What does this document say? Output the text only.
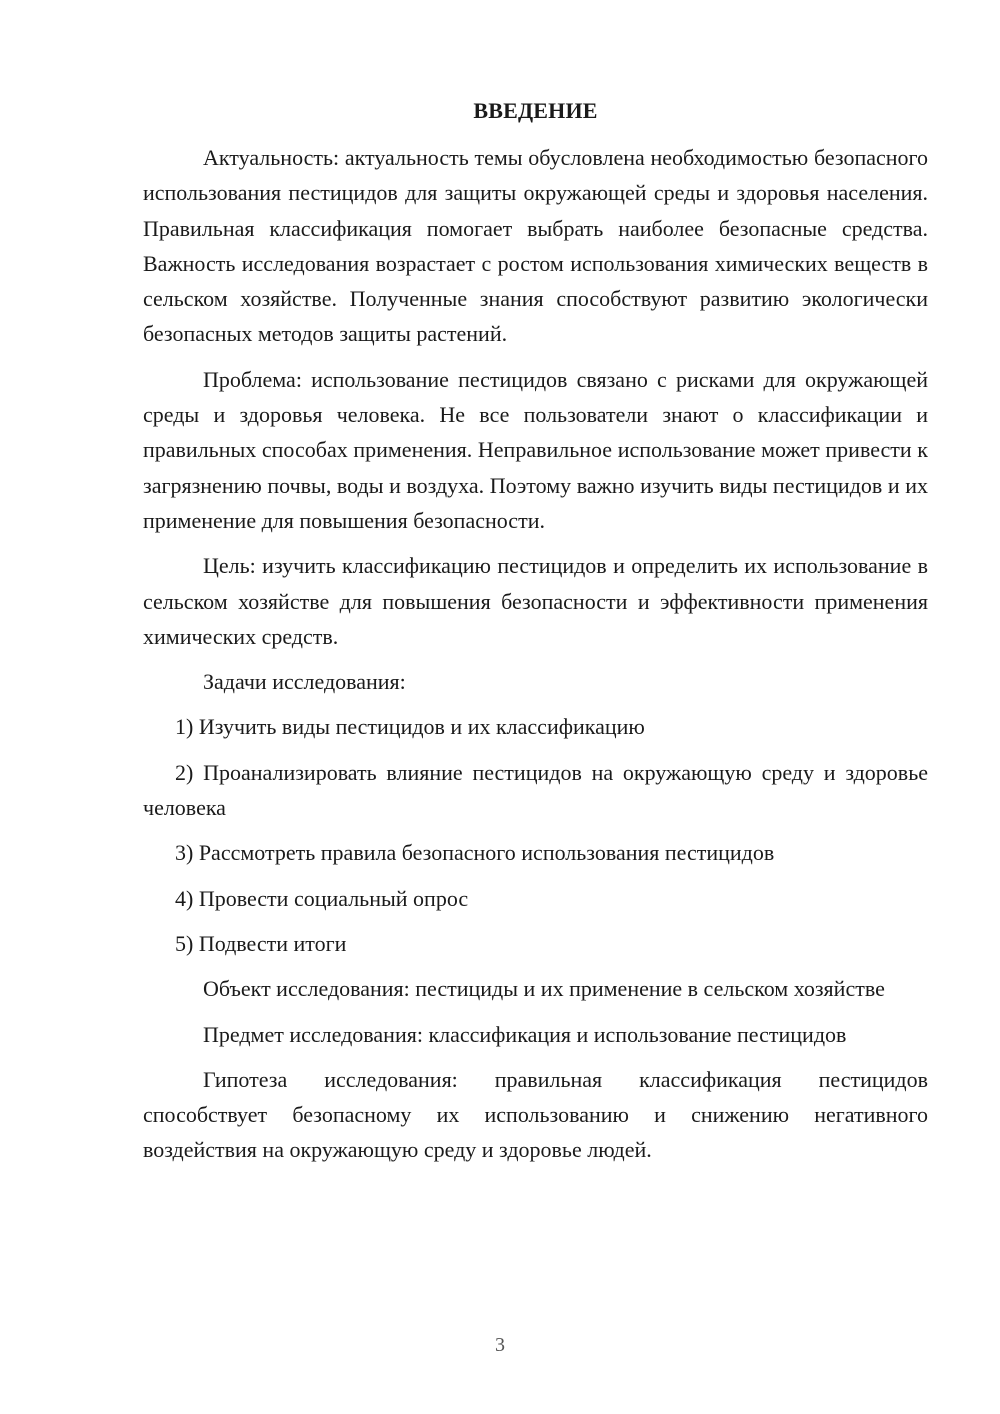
ВВЕДЕНИЕ

Актуальность: актуальность темы обусловлена необходимостью безопасного использования пестицидов для защиты окружающей среды и здоровья населения. Правильная классификация помогает выбрать наиболее безопасные средства. Важность исследования возрастает с ростом использования химических веществ в сельском хозяйстве. Полученные знания способствуют развитию экологически безопасных методов защиты растений.

Проблема: использование пестицидов связано с рисками для окружающей среды и здоровья человека. Не все пользователи знают о классификации и правильных способах применения. Неправильное использование может привести к загрязнению почвы, воды и воздуха. Поэтому важно изучить виды пестицидов и их применение для повышения безопасности.

Цель: изучить классификацию пестицидов и определить их использование в сельском хозяйстве для повышения безопасности и эффективности применения химических средств.

Задачи исследования:

1) Изучить виды пестицидов и их классификацию

2) Проанализировать влияние пестицидов на окружающую среду и здоровье человека

3) Рассмотреть правила безопасного использования пестицидов

4) Провести социальный опрос

5) Подвести итоги

Объект исследования: пестициды и их применение в сельском хозяйстве

Предмет исследования: классификация и использование пестицидов

Гипотеза исследования: правильная классификация пестицидов способствует безопасному их использованию и снижению негативного воздействия на окружающую среду и здоровье людей.

3
